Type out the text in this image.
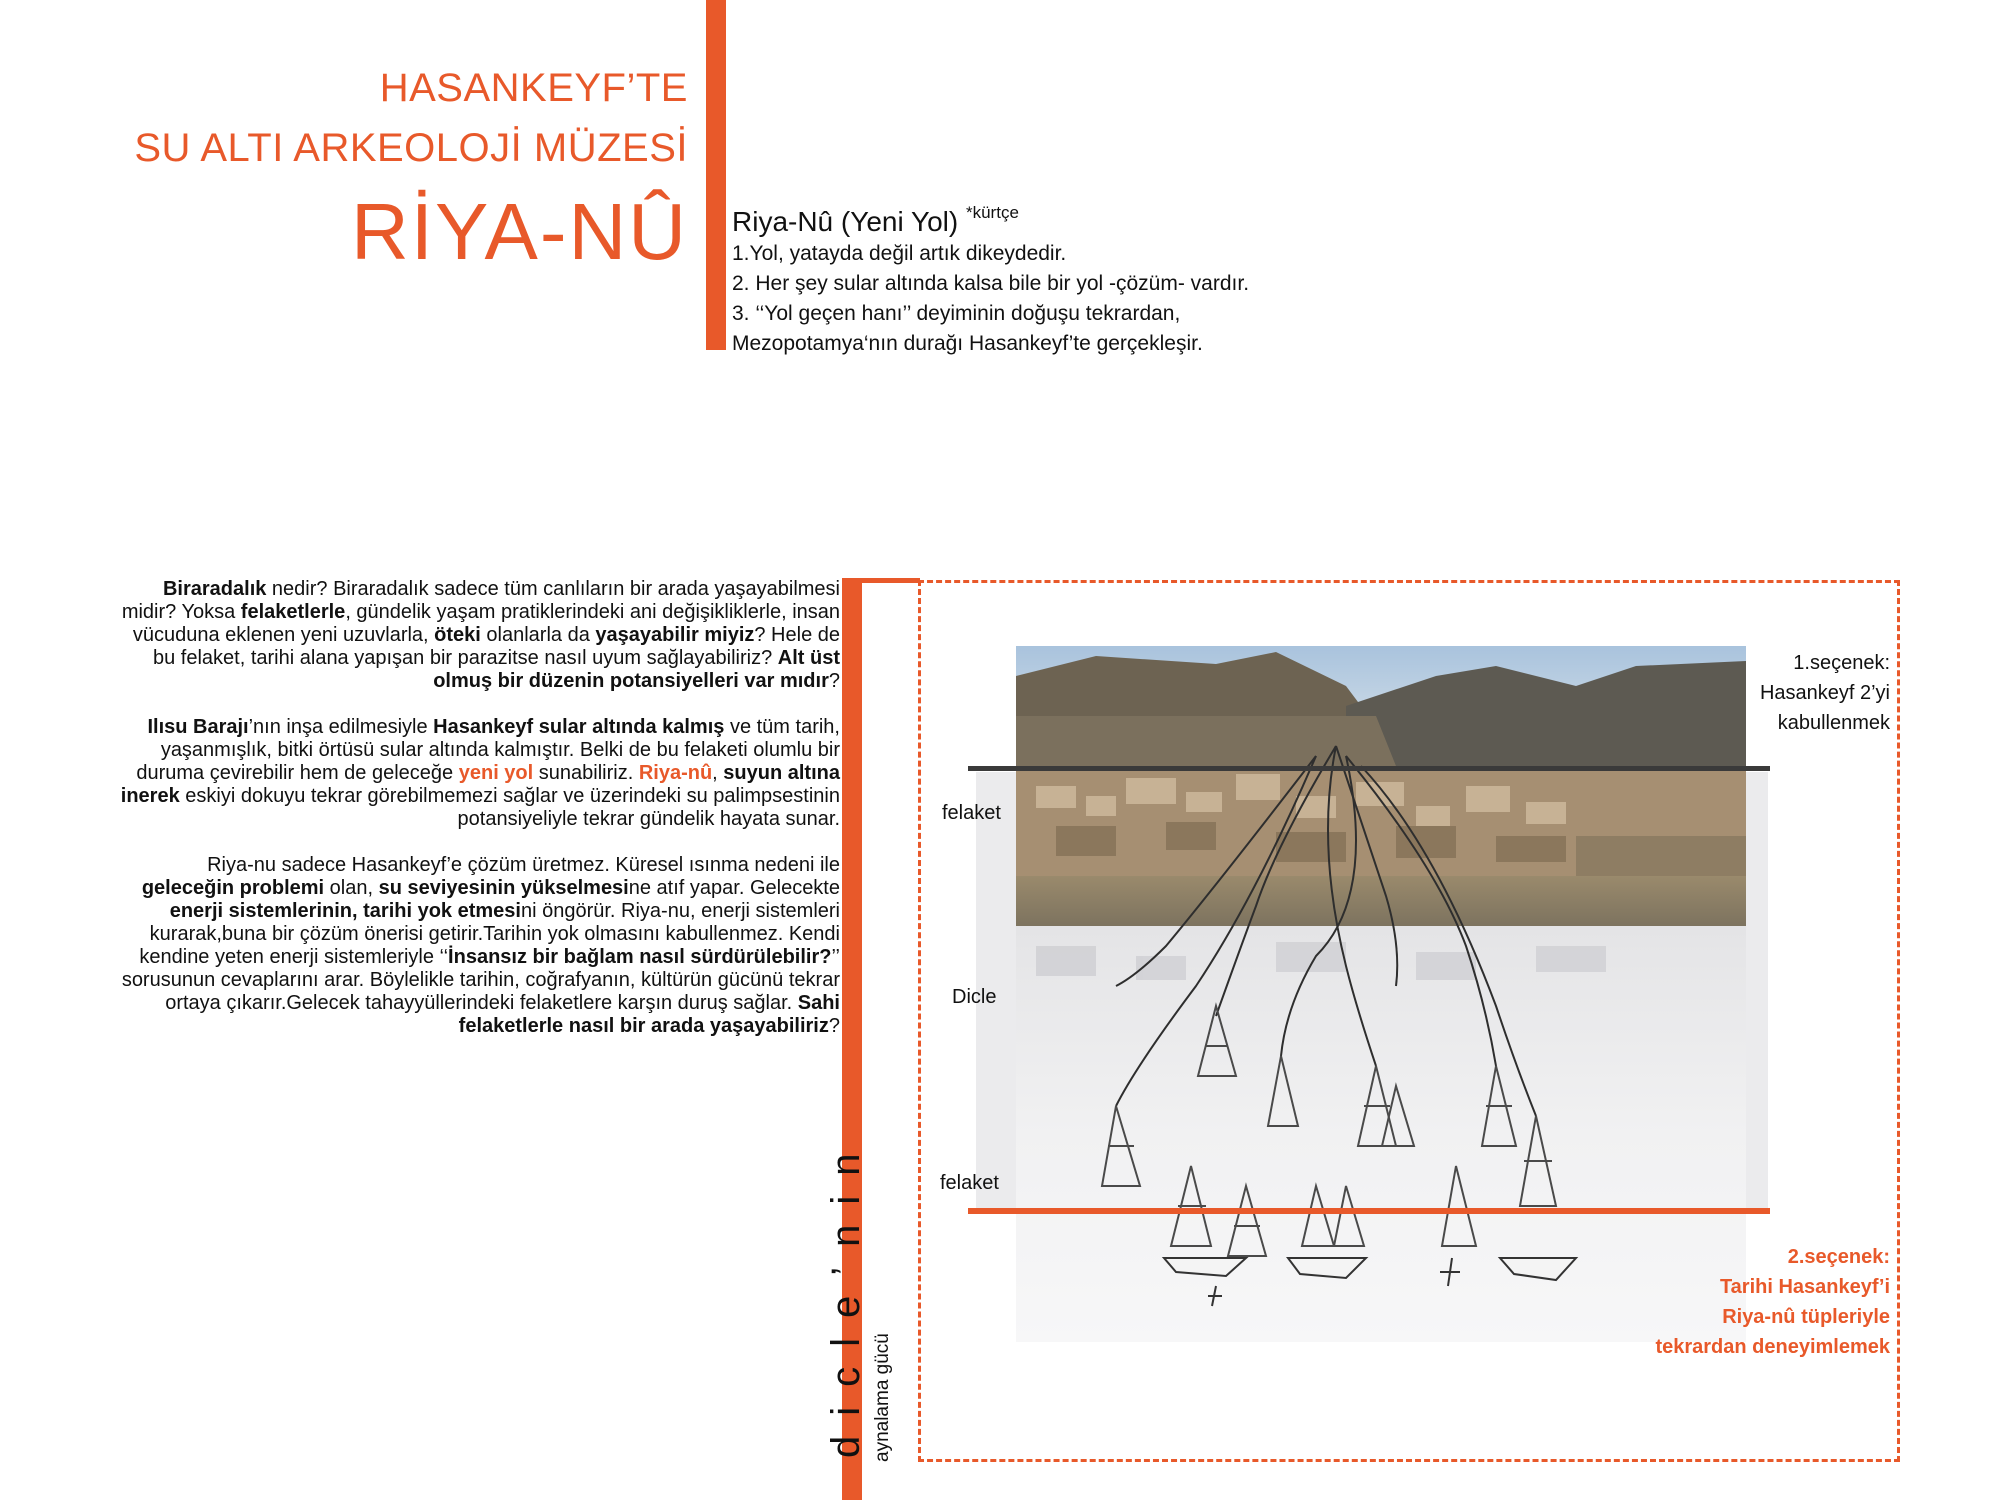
HASANKEYF’TE
SU ALTI ARKEOLOJİ MÜZESİ
RİYA-NÛ Riya-Nû (Yeni Yol) $^{*kürtçe}$
1.Yol, yatayda değil artık dikeydedir.
2. Her şey sular altında kalsa bile bir yol -çözüm- vardır.
3. ‘‘Yol geçen hanı’’ deyiminin doğuşu tekrardan,
Mezopotamya‘nın durağı Hasankeyf’te gerçekleşir.

Biraradalık nedir? Biraradalık sadece tüm canlıların bir arada yaşayabilmesi midir? Yoksa felaketlerle, gündelik yaşam pratiklerindeki ani değişikliklerle, insan vücuduna eklenen yeni uzuvlarla, öteki olanlarla da yaşayabilir miyiz? Hele de bu felaket, tarihi alana yapışan bir parazitse nasıl uyum sağlayabiliriz? Alt üst olmuş bir düzenin potansiyelleri var mıdır?

Ilısu Barajı’nın inşa edilmesiyle Hasankeyf sular altında kalmış ve tüm tarih, yaşanmışlık, bitki örtüsü sular altında kalmıştır. Belki de bu felaketi olumlu bir duruma çevirebilir hem de geleceğe yeni yol sunabiliriz. Riya-nû, suyun altına inerek eskiyi dokuyu tekrar görebilmemezi sağlar ve üzerindeki su palimpsestinin potansiyeliyle tekrar gündelik hayata sunar.

Riya-nu sadece Hasankeyf’e çözüm üretmez. Küresel ısınma nedeni ile geleceğin problemi olan, su seviyesinin yükselmesine atıf yapar. Gelecekte enerji sistemlerinin, tarihi yok etmesini öngörür. Riya-nu, enerji sistemleri kurarak,buna bir çözüm önerisi getirir.Tarihin yok olmasını kabullenmez. Kendi kendine yeten enerji sistemleriyle ‘‘İnsansız bir bağlam nasıl sürdürülebilir?’’ sorusunun cevaplarını arar. Böylelikle tarihin, coğrafyanın, kültürün gücünü tekrar ortaya çıkarır.Gelecek tahayyüllerindeki felaketlere karşın duruş sağlar. Sahi felaketlerle nasıl bir arada yaşayabiliriz?

dicle’nin aynalama gücü
felaket
Dicle
felaket
1.seçenek:
Hasankeyf 2’yi
kabullenmek
2.seçenek:
Tarihi Hasankeyf’i
Riya-nû tüpleriyle
tekrardan deneyimlemek
